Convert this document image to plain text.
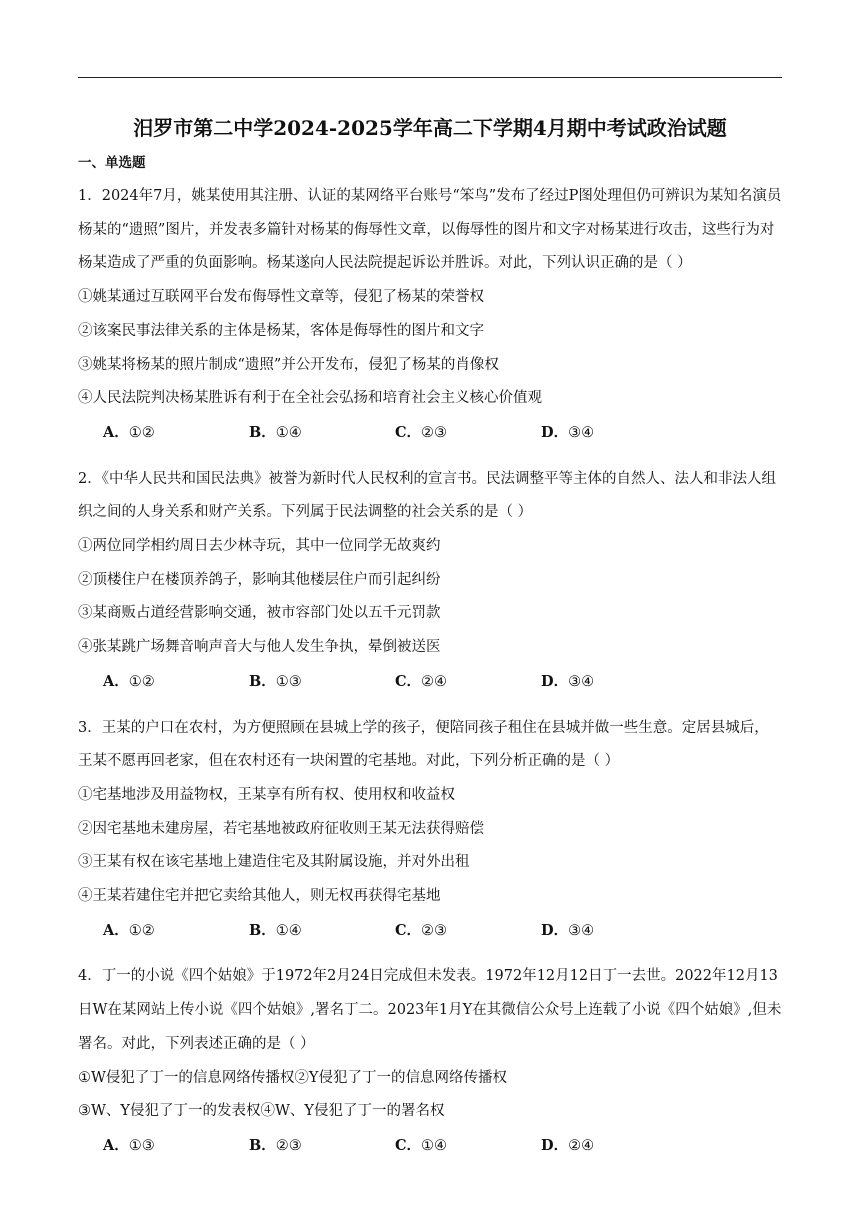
汨罗市第二中学2024-2025学年高二下学期4月期中考试政治试题
一、单选题

1．2024年7月，姚某使用其注册、认证的某网络平台账号“笨鸟”发布了经过P图处理但仍可辨识为某知名演员杨某的“遗照”图片，并发表多篇针对杨某的侮辱性文章，以侮辱性的图片和文字对杨某进行攻击，这些行为对杨某造成了严重的负面影响。杨某遂向人民法院提起诉讼并胜诉。对此，下列认识正确的是（ ）

①姚某通过互联网平台发布侮辱性文章等，侵犯了杨某的荣誉权

②该案民事法律关系的主体是杨某，客体是侮辱性的图片和文字

③姚某将杨某的照片制成“遗照”并公开发布，侵犯了杨某的肖像权

④人民法院判决杨某胜诉有利于在全社会弘扬和培育社会主义核心价值观

A．①②	B．①④	C．②③	D．③④

2．《中华人民共和国民法典》被誉为新时代人民权利的宣言书。民法调整平等主体的自然人、法人和非法人组织之间的人身关系和财产关系。下列属于民法调整的社会关系的是（ ）

①两位同学相约周日去少林寺玩，其中一位同学无故爽约

②顶楼住户在楼顶养鸽子，影响其他楼层住户而引起纠纷

③某商贩占道经营影响交通，被市容部门处以五千元罚款

④张某跳广场舞音响声音大与他人发生争执，晕倒被送医

A．①②	B．①③	C．②④	D．③④

3．王某的户口在农村，为方便照顾在县城上学的孩子，便陪同孩子租住在县城并做一些生意。定居县城后，王某不愿再回老家，但在农村还有一块闲置的宅基地。对此，下列分析正确的是（ ）

①宅基地涉及用益物权，王某享有所有权、使用权和收益权

②因宅基地未建房屋，若宅基地被政府征收则王某无法获得赔偿

③王某有权在该宅基地上建造住宅及其附属设施，并对外出租

④王某若建住宅并把它卖给其他人，则无权再获得宅基地

A．①②	B．①④	C．②③	D．③④

4．丁一的小说《四个姑娘》于1972年2月24日完成但未发表。1972年12月12日丁一去世。2022年12月13日W在某网站上传小说《四个姑娘》,署名丁二。2023年1月Y在其微信公众号上连载了小说《四个姑娘》,但未署名。对此，下列表述正确的是（ ）

①W侵犯了丁一的信息网络传播权②Y侵犯了丁一的信息网络传播权

③W、Y侵犯了丁一的发表权④W、Y侵犯了丁一的署名权

A．①③	B．②③	C．①④	D．②④
